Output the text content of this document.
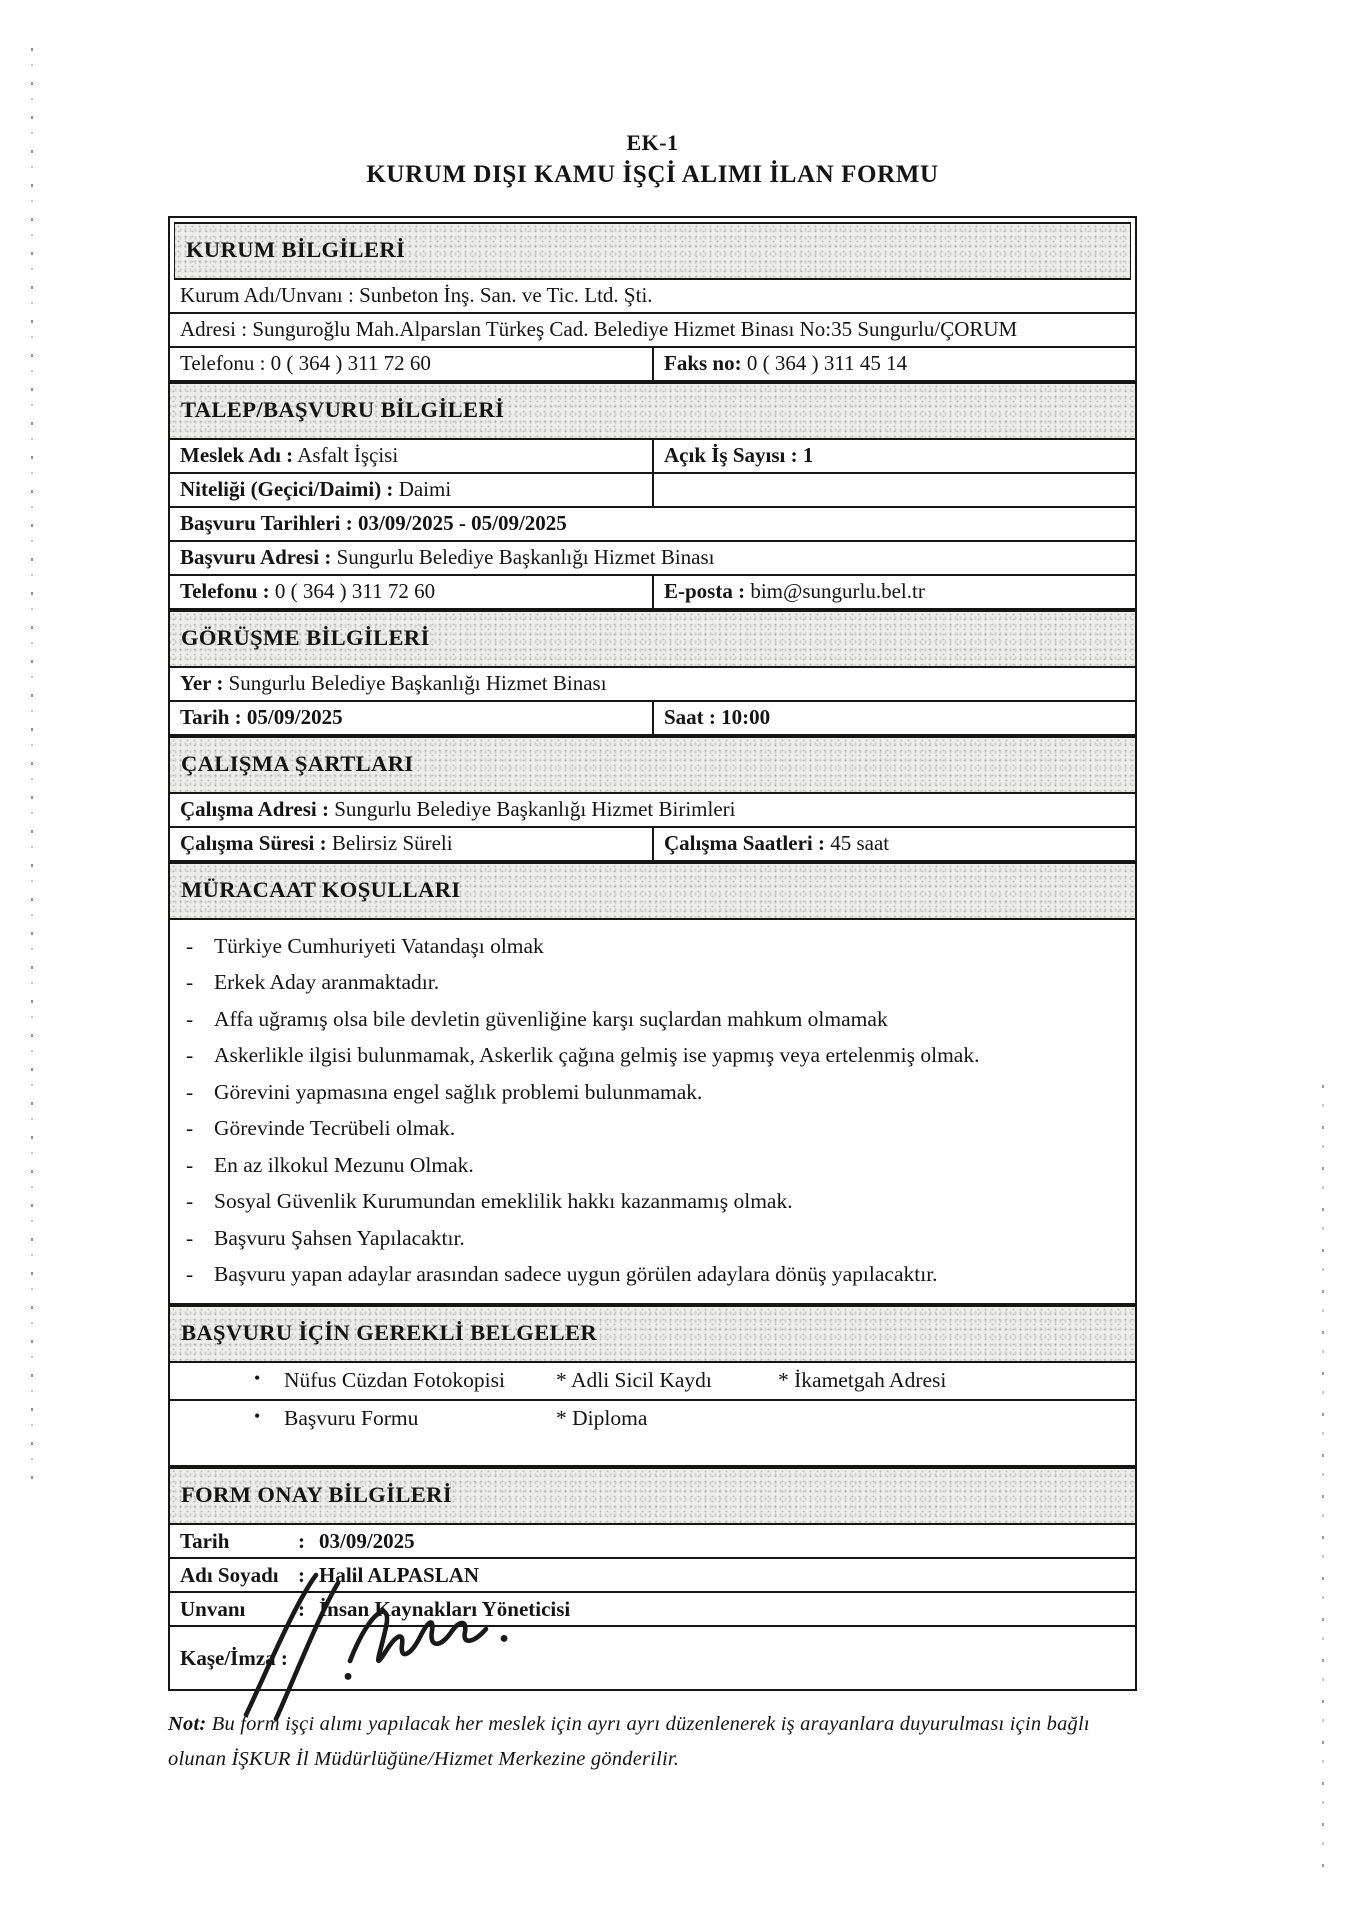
EK-1
KURUM DIŞI KAMU İŞÇİ ALIMI İLAN FORMU
KURUM BİLGİLERİ
Kurum Adı/Unvanı : Sunbeton İnş. San. ve Tic. Ltd. Şti.
Adresi : Sunguroğlu Mah.Alparslan Türkeş Cad. Belediye Hizmet Binası No:35 Sungurlu/ÇORUM
Telefonu : 0 ( 364 ) 311 72 60	Faks no: 0 ( 364 ) 311 45 14
TALEP/BAŞVURU BİLGİLERİ
Meslek Adı : Asfalt İşçisi	Açık İş Sayısı : 1
Niteliği (Geçici/Daimi) : Daimi
Başvuru Tarihleri : 03/09/2025 - 05/09/2025
Başvuru Adresi : Sungurlu Belediye Başkanlığı Hizmet Binası
Telefonu : 0 ( 364 ) 311 72 60	E-posta : bim@sungurlu.bel.tr
GÖRÜŞME BİLGİLERİ
Yer : Sungurlu Belediye Başkanlığı Hizmet Binası
Tarih : 05/09/2025	Saat : 10:00
ÇALIŞMA ŞARTLARI
Çalışma Adresi : Sungurlu Belediye Başkanlığı Hizmet Birimleri
Çalışma Süresi : Belirsiz Süreli	Çalışma Saatleri : 45 saat
MÜRACAAT KOŞULLARI
- Türkiye Cumhuriyeti Vatandaşı olmak
- Erkek Aday aranmaktadır.
- Affa uğramış olsa bile devletin güvenliğine karşı suçlardan mahkum olmamak
- Askerlikle ilgisi bulunmamak, Askerlik çağına gelmiş ise yapmış veya ertelenmiş olmak.
- Görevini yapmasına engel sağlık problemi bulunmamak.
- Görevinde Tecrübeli olmak.
- En az ilkokul Mezunu Olmak.
- Sosyal Güvenlik Kurumundan emeklilik hakkı kazanmamış olmak.
- Başvuru Şahsen Yapılacaktır.
- Başvuru yapan adaylar arasından sadece uygun görülen adaylara dönüş yapılacaktır.
BAŞVURU İÇİN GEREKLİ BELGELER
•	Nüfus Cüzdan Fotokopisi	* Adli Sicil Kaydı	* İkametgah Adresi
•	Başvuru Formu	* Diploma
FORM ONAY BİLGİLERİ
Tarih	: 03/09/2025
Adı Soyadı : Halil ALPASLAN
Unvanı	: İnsan Kaynakları Yöneticisi
Kaşe/İmza :

Not: Bu form işçi alımı yapılacak her meslek için ayrı ayrı düzenlenerek iş arayanlara duyurulması için bağlı olunan İŞKUR İl Müdürlüğüne/Hizmet Merkezine gönderilir.
